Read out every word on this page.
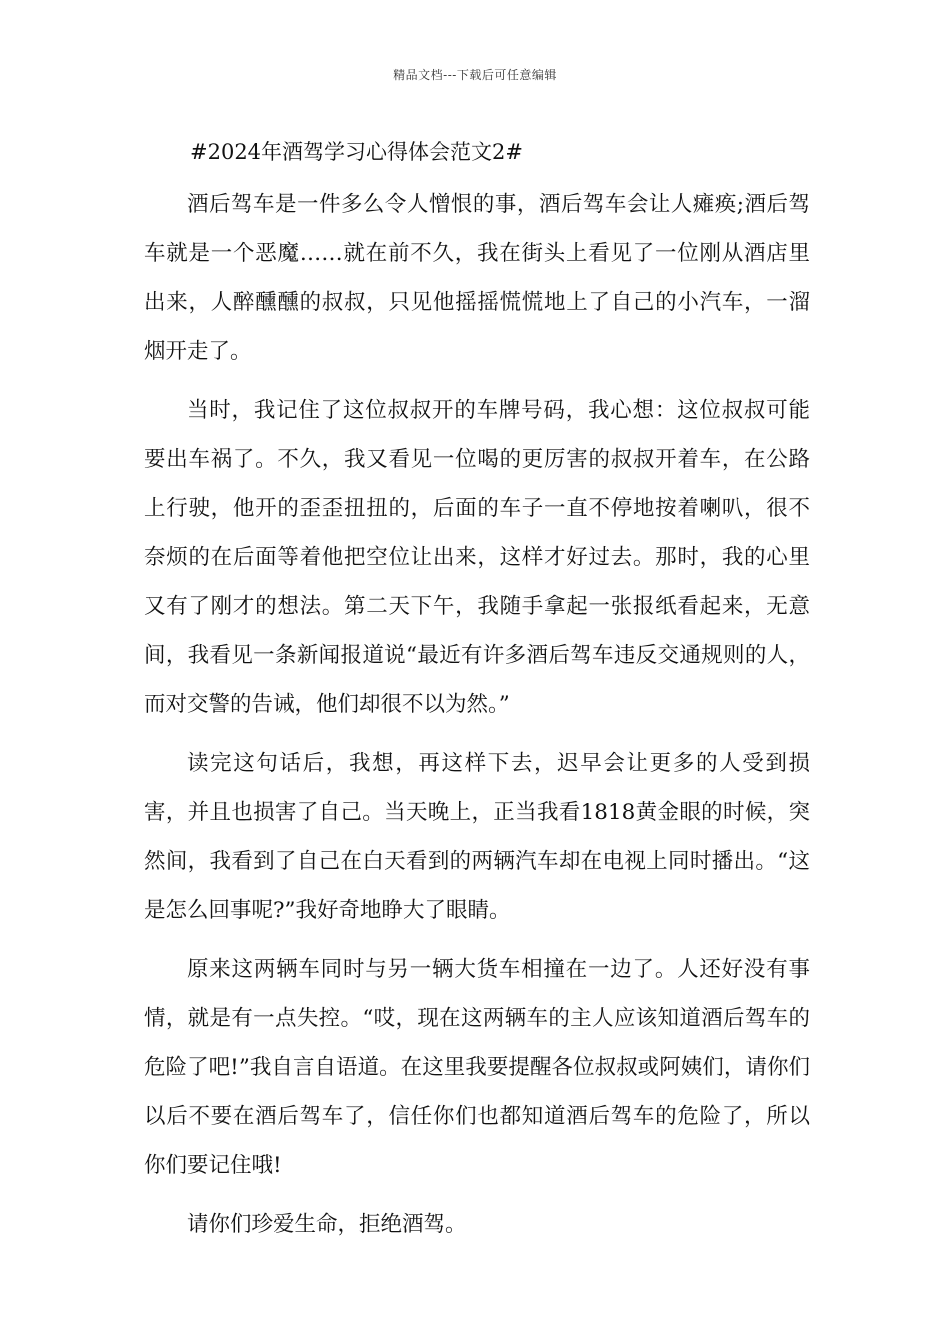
精品文档---下载后可任意编辑
#2024年酒驾学习心得体会范文2#

酒后驾车是一件多么令人憎恨的事，酒后驾车会让人瘫痪;酒后驾车就是一个恶魔……就在前不久，我在街头上看见了一位刚从酒店里出来，人醉醺醺的叔叔，只见他摇摇慌慌地上了自己的小汽车，一溜烟开走了。

当时，我记住了这位叔叔开的车牌号码，我心想：这位叔叔可能要出车祸了。不久，我又看见一位喝的更厉害的叔叔开着车，在公路上行驶，他开的歪歪扭扭的，后面的车子一直不停地按着喇叭，很不奈烦的在后面等着他把空位让出来，这样才好过去。那时，我的心里又有了刚才的想法。第二天下午，我随手拿起一张报纸看起来，无意间，我看见一条新闻报道说“最近有许多酒后驾车违反交通规则的人，而对交警的告诫，他们却很不以为然。”

读完这句话后，我想，再这样下去，迟早会让更多的人受到损害，并且也损害了自己。当天晚上，正当我看1818黄金眼的时候，突然间，我看到了自己在白天看到的两辆汽车却在电视上同时播出。“这是怎么回事呢?”我好奇地睁大了眼睛。

原来这两辆车同时与另一辆大货车相撞在一边了。人还好没有事情，就是有一点失控。“哎，现在这两辆车的主人应该知道酒后驾车的危险了吧!”我自言自语道。在这里我要提醒各位叔叔或阿姨们，请你们以后不要在酒后驾车了，信任你们也都知道酒后驾车的危险了，所以你们要记住哦!

请你们珍爱生命，拒绝酒驾。
